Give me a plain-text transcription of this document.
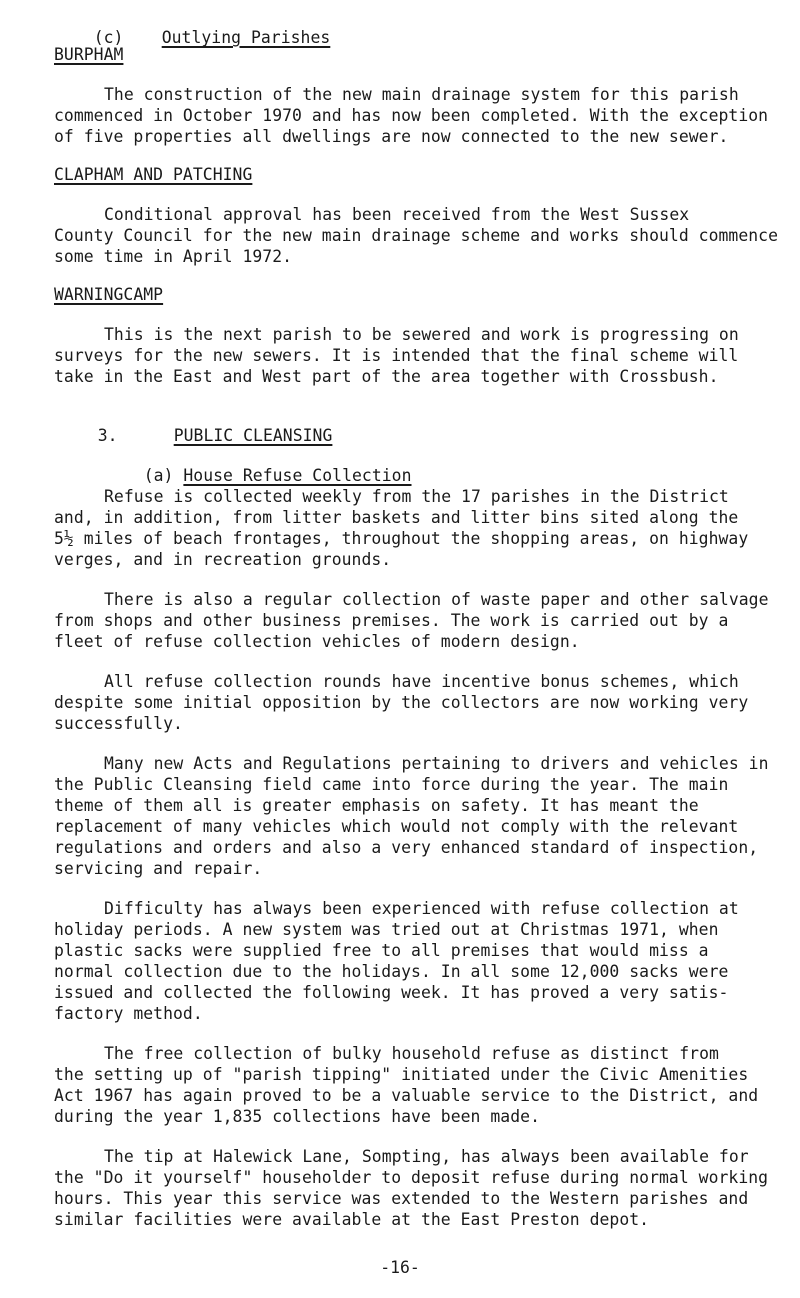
(c) Outlying Parishes

BURPHAM
The construction of the new main drainage system for this parish
commenced in October 1970 and has now been completed. With the exception
of five properties all dwellings are now connected to the new sewer.
CLAPHAM AND PATCHING
Conditional approval has been received from the West Sussex
County Council for the new main drainage scheme and works should commence
some time in April 1972.
WARNINGCAMP
This is the next parish to be sewered and work is progressing on
surveys for the new sewers. It is intended that the final scheme will
take in the East and West part of the area together with Crossbush.

3.	PUBLIC CLEANSING

(a) House Refuse Collection

Refuse is collected weekly from the 17 parishes in the District
and, in addition, from litter baskets and litter bins sited along the
5½ miles of beach frontages, throughout the shopping areas, on highway
verges, and in recreation grounds.
There is also a regular collection of waste paper and other salvage
from shops and other business premises. The work is carried out by a
fleet of refuse collection vehicles of modern design.
All refuse collection rounds have incentive bonus schemes, which
despite some initial opposition by the collectors are now working very
successfully.
Many new Acts and Regulations pertaining to drivers and vehicles in
the Public Cleansing field came into force during the year. The main
theme of them all is greater emphasis on safety. It has meant the
replacement of many vehicles which would not comply with the relevant
regulations and orders and also a very enhanced standard of inspection,
servicing and repair.
Difficulty has always been experienced with refuse collection at
holiday periods. A new system was tried out at Christmas 1971, when
plastic sacks were supplied free to all premises that would miss a
normal collection due to the holidays. In all some 12,000 sacks were
issued and collected the following week. It has proved a very satis-
factory method.
The free collection of bulky household refuse as distinct from
the setting up of "parish tipping" initiated under the Civic Amenities
Act 1967 has again proved to be a valuable service to the District, and
during the year 1,835 collections have been made.
The tip at Halewick Lane, Sompting, has always been available for
the "Do it yourself" householder to deposit refuse during normal working
hours. This year this service was extended to the Western parishes and
similar facilities were available at the East Preston depot.
-16-
